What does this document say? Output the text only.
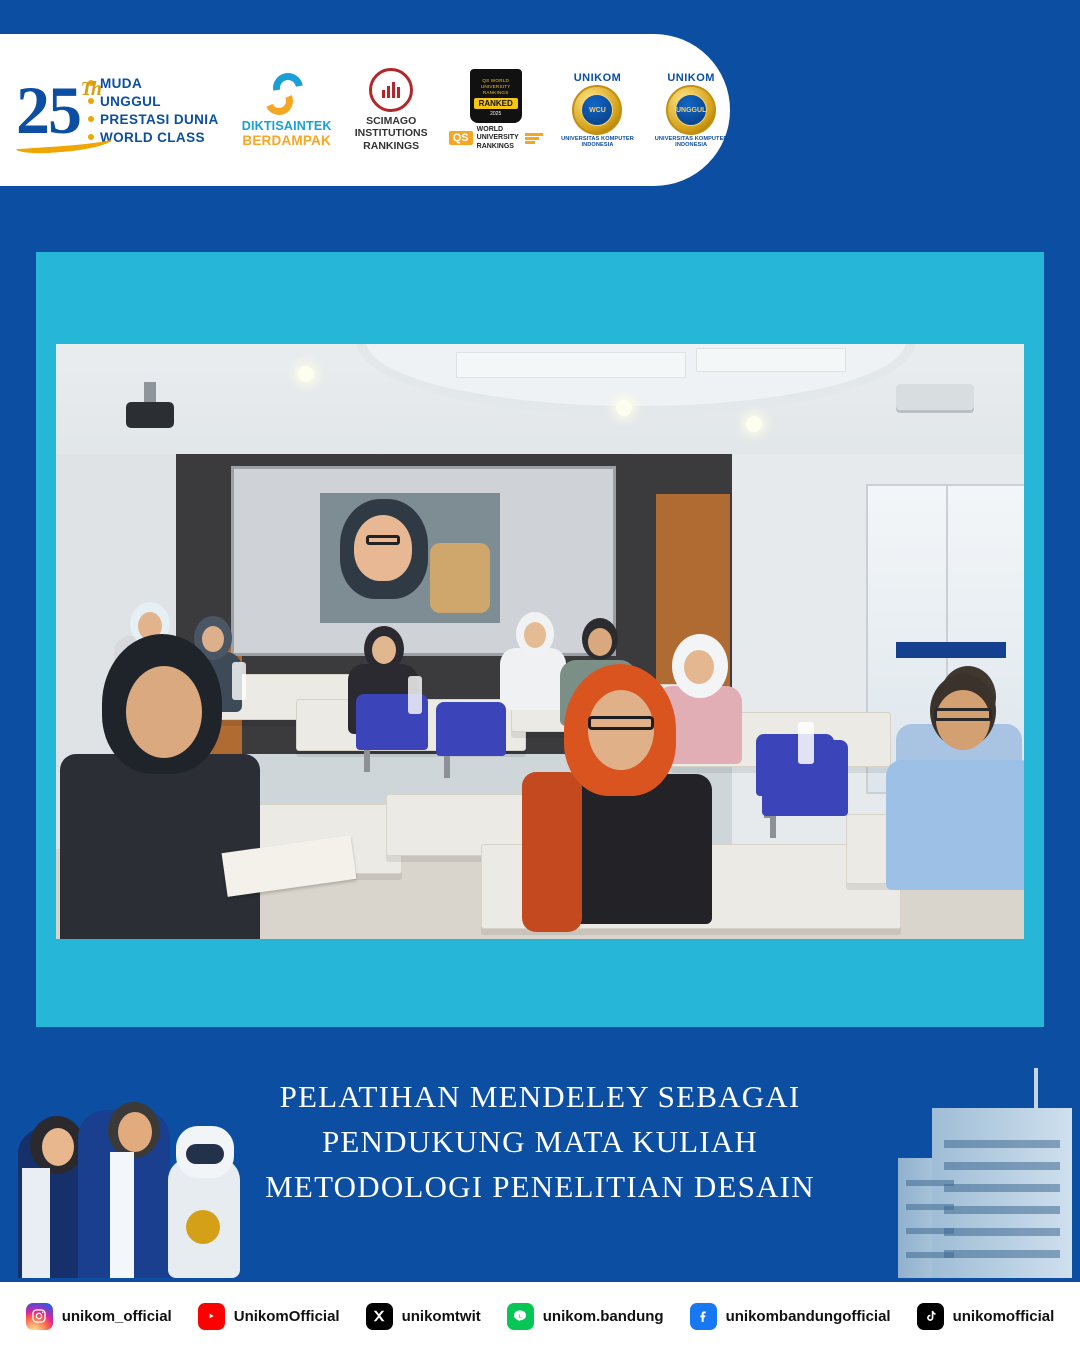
25 Th MUDA
UNGGUL
PRESTASI DUNIA
WORLD CLASS
DIKTISAINTEK
BERDAMPAK
SCIMAGO
INSTITUTIONS
RANKINGS
QS WORLD UNIVERSITY RANKINGS
RANKED
2025
QS
WORLD
UNIVERSITY
RANKINGS
UNIKOM
WCU
UNIVERSITAS KOMPUTER INDONESIA
UNIKOM
UNGGUL
UNIVERSITAS KOMPUTER INDONESIA
PELATIHAN MENDELEY SEBAGAI
PENDUKUNG MATA KULIAH
METODOLOGI PENELITIAN DESAIN
unikom_official	UnikomOfficial	unikomtwit	L unikom.bandung	unikombandungofficial	unikomofficial
